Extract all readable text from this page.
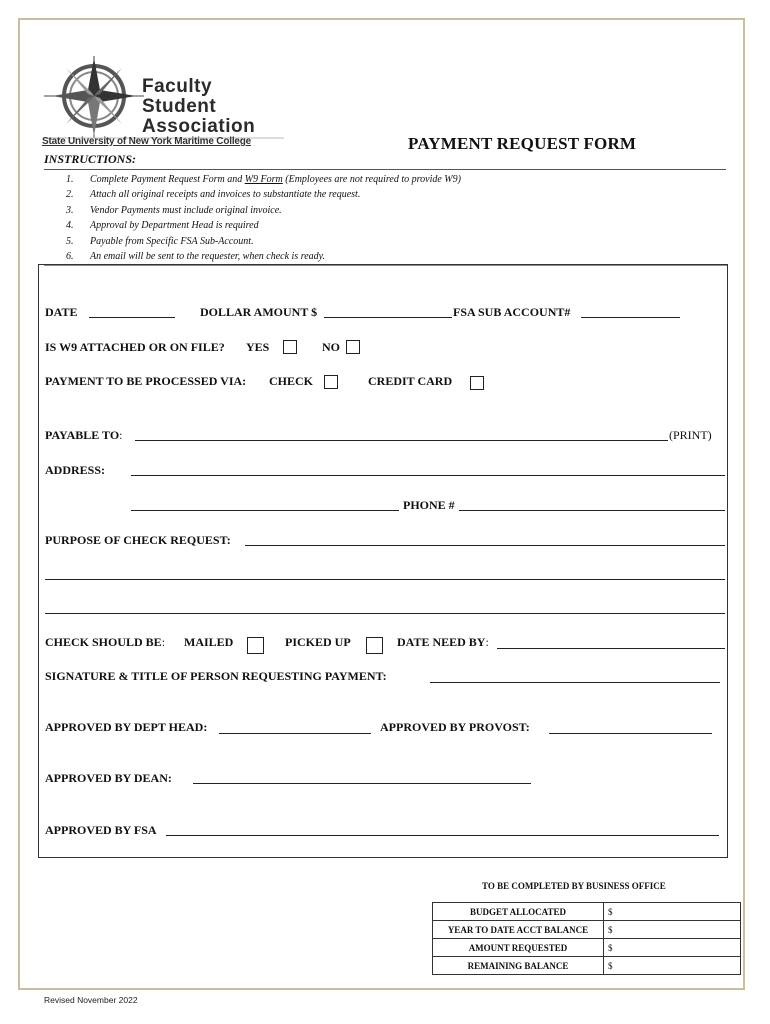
Faculty
Student
Association
State University of New York Maritime College	PAYMENT REQUEST FORM
INSTRUCTIONS:
1. Complete Payment Request Form and W9 Form (Employees are not required to provide W9)
2. Attach all original receipts and invoices to substantiate the request.
3. Vendor Payments must include original invoice.
4. Approval by Department Head is required
5. Payable from Specific FSA Sub-Account.
6. An email will be sent to the requester, when check is ready.
DATE	DOLLAR AMOUNT $	FSA SUB ACCOUNT#
IS W9 ATTACHED OR ON FILE? YES	NO
PAYMENT TO BE PROCESSED VIA: CHECK	CREDIT CARD
PAYABLE TO:	(PRINT)
ADDRESS:
PHONE #
PURPOSE OF CHECK REQUEST:
CHECK SHOULD BE: MAILED	PICKED UP	DATE NEED BY:
SIGNATURE & TITLE OF PERSON REQUESTING PAYMENT:
APPROVED BY DEPT HEAD:	APPROVED BY PROVOST:
APPROVED BY DEAN:
APPROVED BY FSA
TO BE COMPLETED BY BUSINESS OFFICE
BUDGET ALLOCATED	$
YEAR TO DATE ACCT BALANCE	$
AMOUNT REQUESTED	$
REMAINING BALANCE	$
Revised November 2022
